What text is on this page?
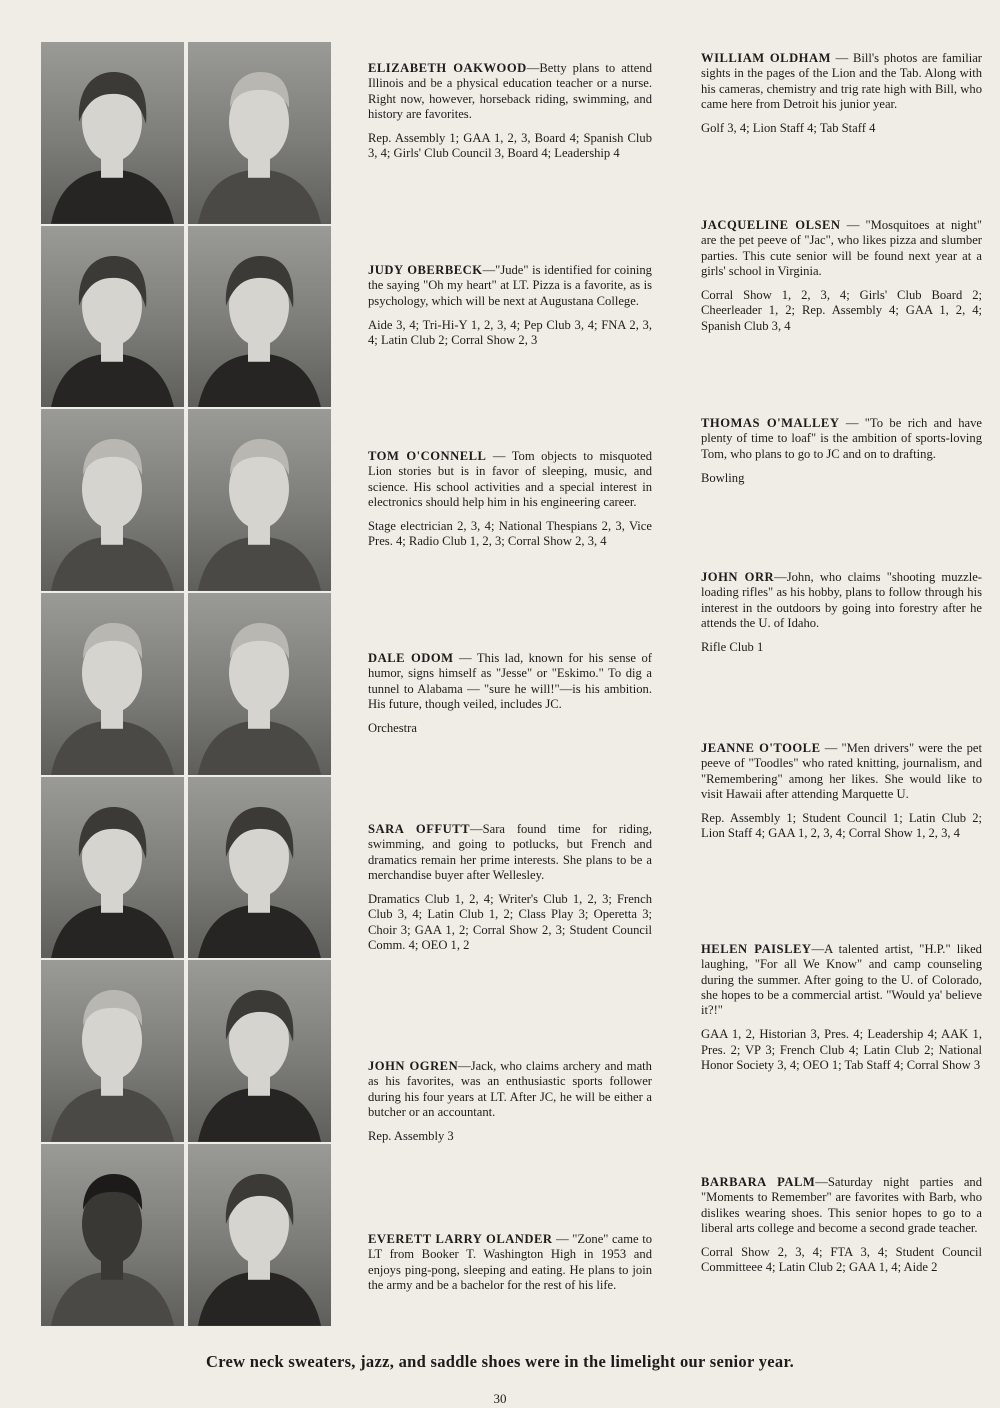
ELIZABETH OAKWOOD—Betty plans to attend Illinois and be a physical education teacher or a nurse. Right now, however, horseback riding, swimming, and history are favorites.
Rep. Assembly 1; GAA 1, 2, 3, Board 4; Spanish Club 3, 4; Girls' Club Council 3, Board 4; Leadership 4
JUDY OBERBECK—"Jude" is identified for coining the saying "Oh my heart" at LT. Pizza is a favorite, as is psychology, which will be next at Augustana College.
Aide 3, 4; Tri-Hi-Y 1, 2, 3, 4; Pep Club 3, 4; FNA 2, 3, 4; Latin Club 2; Corral Show 2, 3
TOM O'CONNELL — Tom objects to misquoted Lion stories but is in favor of sleeping, music, and science. His school activities and a special interest in electronics should help him in his engineering career.
Stage electrician 2, 3, 4; National Thespians 2, 3, Vice Pres. 4; Radio Club 1, 2, 3; Corral Show 2, 3, 4
DALE ODOM — This lad, known for his sense of humor, signs himself as "Jesse" or "Eskimo." To dig a tunnel to Alabama — "sure he will!"—is his ambition. His future, though veiled, includes JC.
Orchestra
SARA OFFUTT—Sara found time for riding, swimming, and going to potlucks, but French and dramatics remain her prime interests. She plans to be a merchandise buyer after Wellesley.
Dramatics Club 1, 2, 4; Writer's Club 1, 2, 3; French Club 3, 4; Latin Club 1, 2; Class Play 3; Operetta 3; Choir 3; GAA 1, 2; Corral Show 2, 3; Student Council Comm. 4; OEO 1, 2
JOHN OGREN—Jack, who claims archery and math as his favorites, was an enthusiastic sports follower during his four years at LT. After JC, he will be either a butcher or an accountant.
Rep. Assembly 3
EVERETT LARRY OLANDER — "Zone" came to LT from Booker T. Washington High in 1953 and enjoys ping-pong, sleeping and eating. He plans to join the army and be a bachelor for the rest of his life.
WILLIAM OLDHAM — Bill's photos are familiar sights in the pages of the Lion and the Tab. Along with his cameras, chemistry and trig rate high with Bill, who came here from Detroit his junior year.
Golf 3, 4; Lion Staff 4; Tab Staff 4
JACQUELINE OLSEN — "Mosquitoes at night" are the pet peeve of "Jac", who likes pizza and slumber parties. This cute senior will be found next year at a girls' school in Virginia.
Corral Show 1, 2, 3, 4; Girls' Club Board 2; Cheerleader 1, 2; Rep. Assembly 4; GAA 1, 2, 4; Spanish Club 3, 4
THOMAS O'MALLEY — "To be rich and have plenty of time to loaf" is the ambition of sports-loving Tom, who plans to go to JC and on to drafting.
Bowling
JOHN ORR—John, who claims "shooting muzzle-loading rifles" as his hobby, plans to follow through his interest in the outdoors by going into forestry after he attends the U. of Idaho.
Rifle Club 1
JEANNE O'TOOLE — "Men drivers" were the pet peeve of "Toodles" who rated knitting, journalism, and "Remembering" among her likes. She would like to visit Hawaii after attending Marquette U.
Rep. Assembly 1; Student Council 1; Latin Club 2; Lion Staff 4; GAA 1, 2, 3, 4; Corral Show 1, 2, 3, 4
HELEN PAISLEY—A talented artist, "H.P." liked laughing, "For all We Know" and camp counseling during the summer. After going to the U. of Colorado, she hopes to be a commercial artist. "Would ya' believe it?!"
GAA 1, 2, Historian 3, Pres. 4; Leadership 4; AAK 1, Pres. 2; VP 3; French Club 4; Latin Club 2; National Honor Society 3, 4; OEO 1; Tab Staff 4; Corral Show 3
BARBARA PALM—Saturday night parties and "Moments to Remember" are favorites with Barb, who dislikes wearing shoes. This senior hopes to go to a liberal arts college and become a second grade teacher.
Corral Show 2, 3, 4; FTA 3, 4; Student Council Committeee 4; Latin Club 2; GAA 1, 4; Aide 2
Crew neck sweaters, jazz, and saddle shoes were in the limelight our senior year.
30
